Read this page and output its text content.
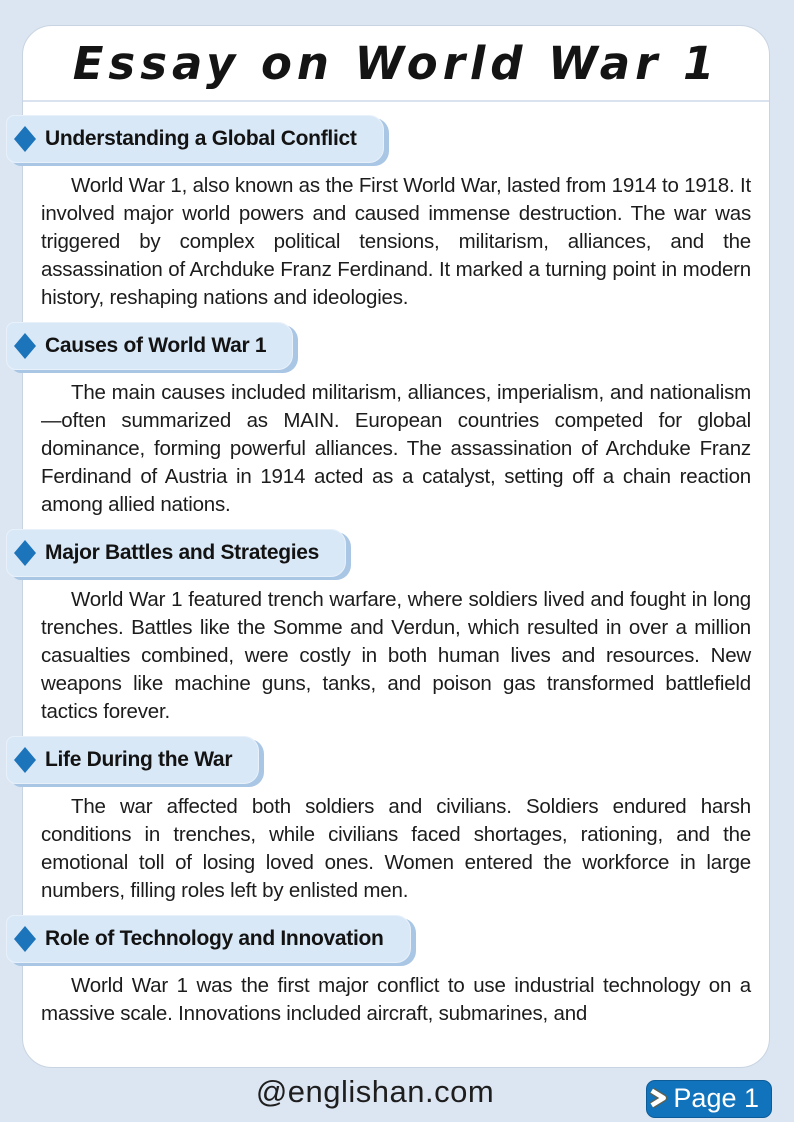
Essay on World War 1
Understanding a Global Conflict

World War 1, also known as the First World War, lasted from 1914 to 1918. It involved major world powers and caused immense destruction. The war was triggered by complex political tensions, militarism, alliances, and the assassination of Archduke Franz Ferdinand. It marked a turning point in modern history, reshaping nations and ideologies.

Causes of World War 1

The main causes included militarism, alliances, imperialism, and nationalism—often summarized as MAIN. European countries competed for global dominance, forming powerful alliances. The assassination of Archduke Franz Ferdinand of Austria in 1914 acted as a catalyst, setting off a chain reaction among allied nations.

Major Battles and Strategies

World War 1 featured trench warfare, where soldiers lived and fought in long trenches. Battles like the Somme and Verdun, which resulted in over a million casualties combined, were costly in both human lives and resources. New weapons like machine guns, tanks, and poison gas transformed battlefield tactics forever.

Life During the War

The war affected both soldiers and civilians. Soldiers endured harsh conditions in trenches, while civilians faced shortages, rationing, and the emotional toll of losing loved ones. Women entered the workforce in large numbers, filling roles left by enlisted men.

Role of Technology and Innovation

World War 1 was the first major conflict to use industrial technology on a massive scale. Innovations included aircraft, submarines, and

@englishan.com	Page 1
